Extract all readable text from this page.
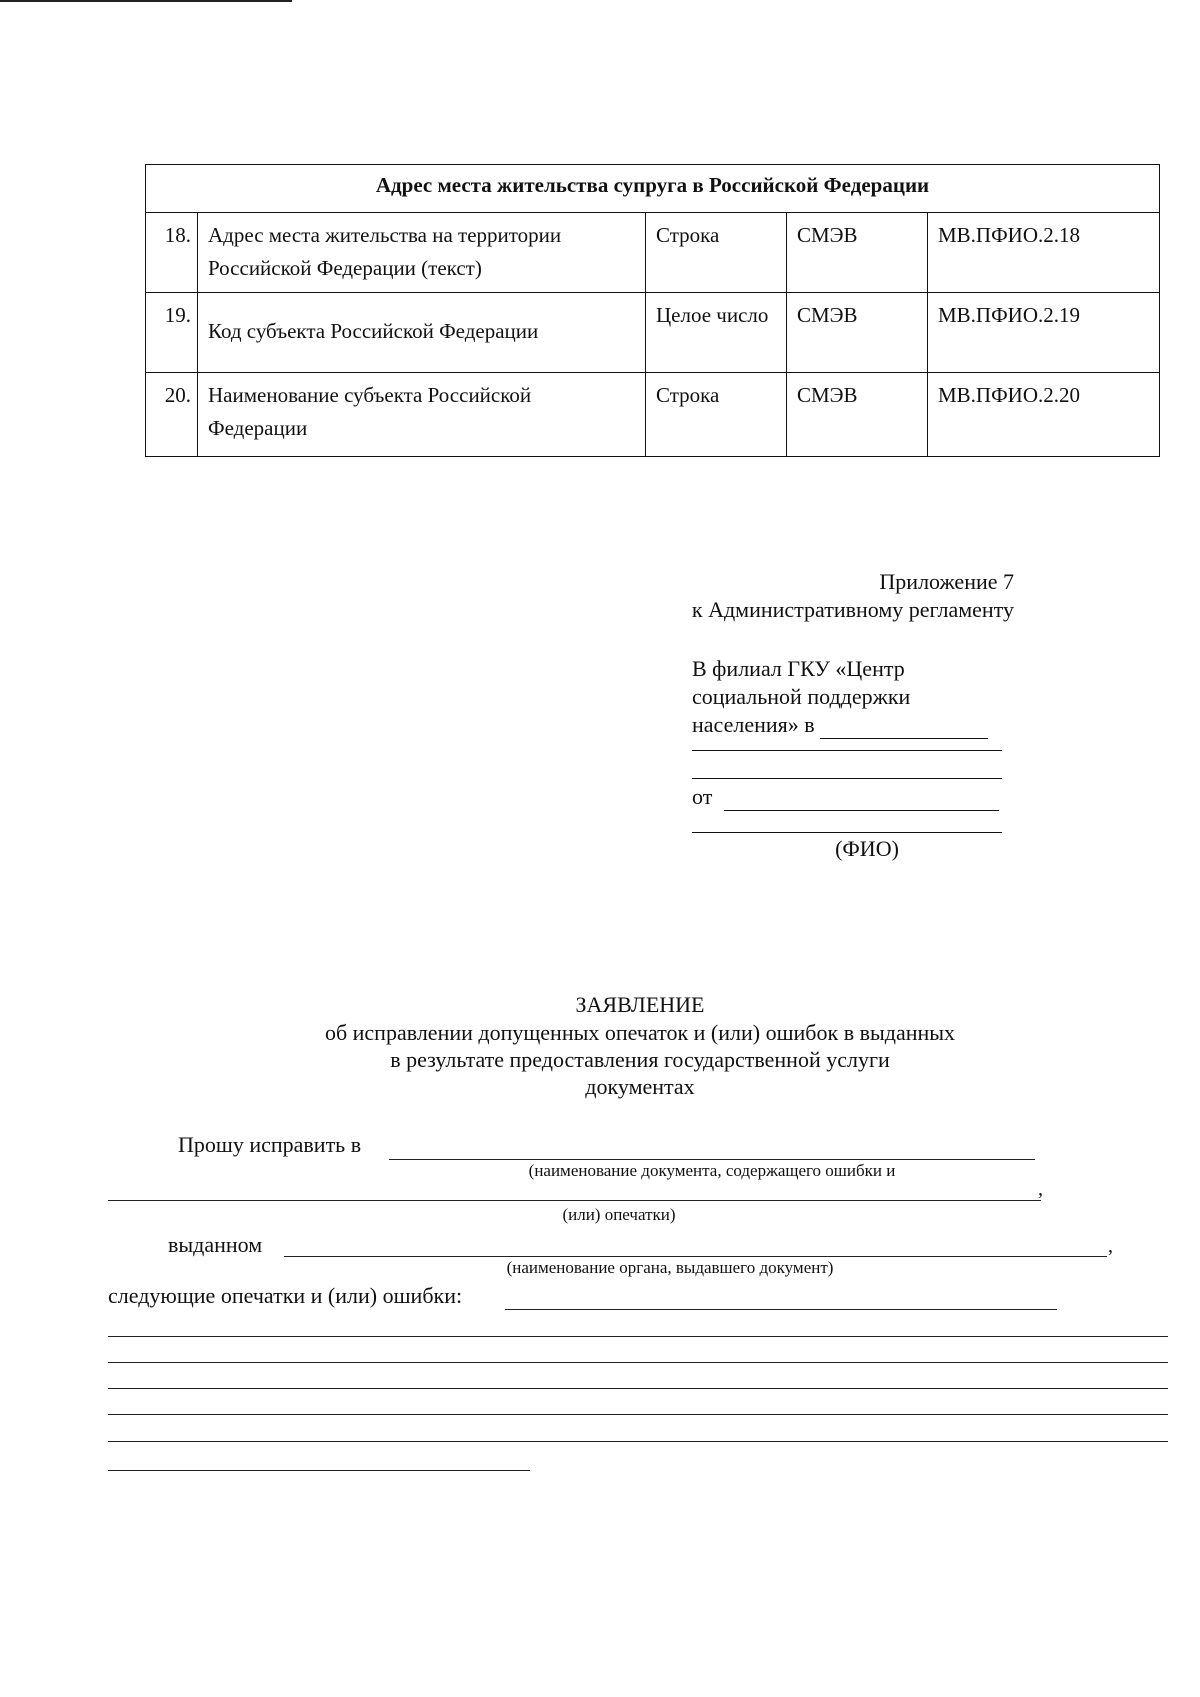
Адрес места жительства супруга в Российской Федерации				
18.	Адрес места жительства на территории Российской Федерации (текст)	Строка	СМЭВ	МВ.ПФИО.2.18
19.	Код субъекта Российской Федерации	Целое число	СМЭВ	МВ.ПФИО.2.19
20.	Наименование субъекта Российской Федерации	Строка	СМЭВ	МВ.ПФИО.2.20
Приложение 7
к Административному регламенту
В филиал ГКУ «Центр
социальной поддержки
населения» в
от
(ФИО)
ЗАЯВЛЕНИЕ
об исправлении допущенных опечаток и (или) ошибок в выданных
в результате предоставления государственной услуги
документах
Прошу исправить в
(наименование документа, содержащего ошибки и
,
(или) опечатки)
выданном	,
(наименование органа, выдавшего документ)
следующие опечатки и (или) ошибки:
